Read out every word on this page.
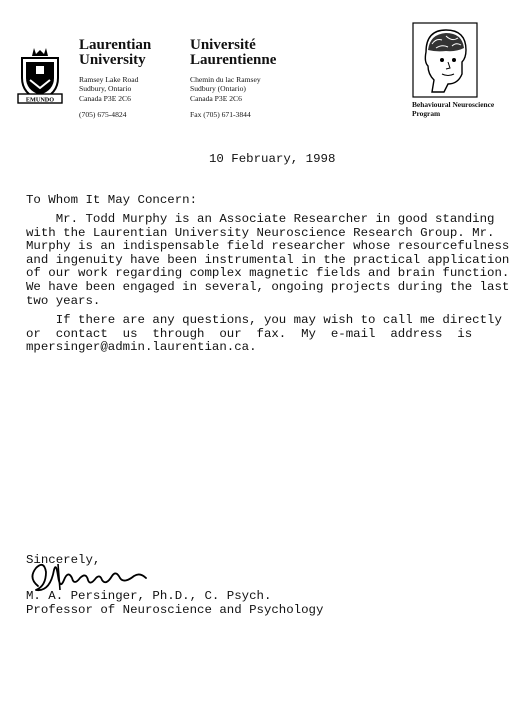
EMUNDO
Laurentian
University
Ramsey Lake Road
Sudbury, Ontario
Canada P3E 2C6
(705) 675-4824
Université
Laurentienne
Chemin du lac Ramsey
Sudbury (Ontario)
Canada P3E 2C6
Fax (705) 671-3844
Behavioural Neuroscience
Program
10 February, 1998
To Whom It May Concern:
Mr. Todd Murphy is an Associate Researcher in good standing
with the Laurentian University Neuroscience Research Group. Mr.
Murphy is an indispensable field researcher whose resourcefulness
and ingenuity have been instrumental in the practical application
of our work regarding complex magnetic fields and brain function.
We have been engaged in several, ongoing projects during the last
two years.
If there are any questions, you may wish to call me directly
or  contact  us  through  our  fax.  My  e-mail  address  is
mpersinger@admin.laurentian.ca.
Sincerely,
M. A. Persinger, Ph.D., C. Psych.
Professor of Neuroscience and Psychology
